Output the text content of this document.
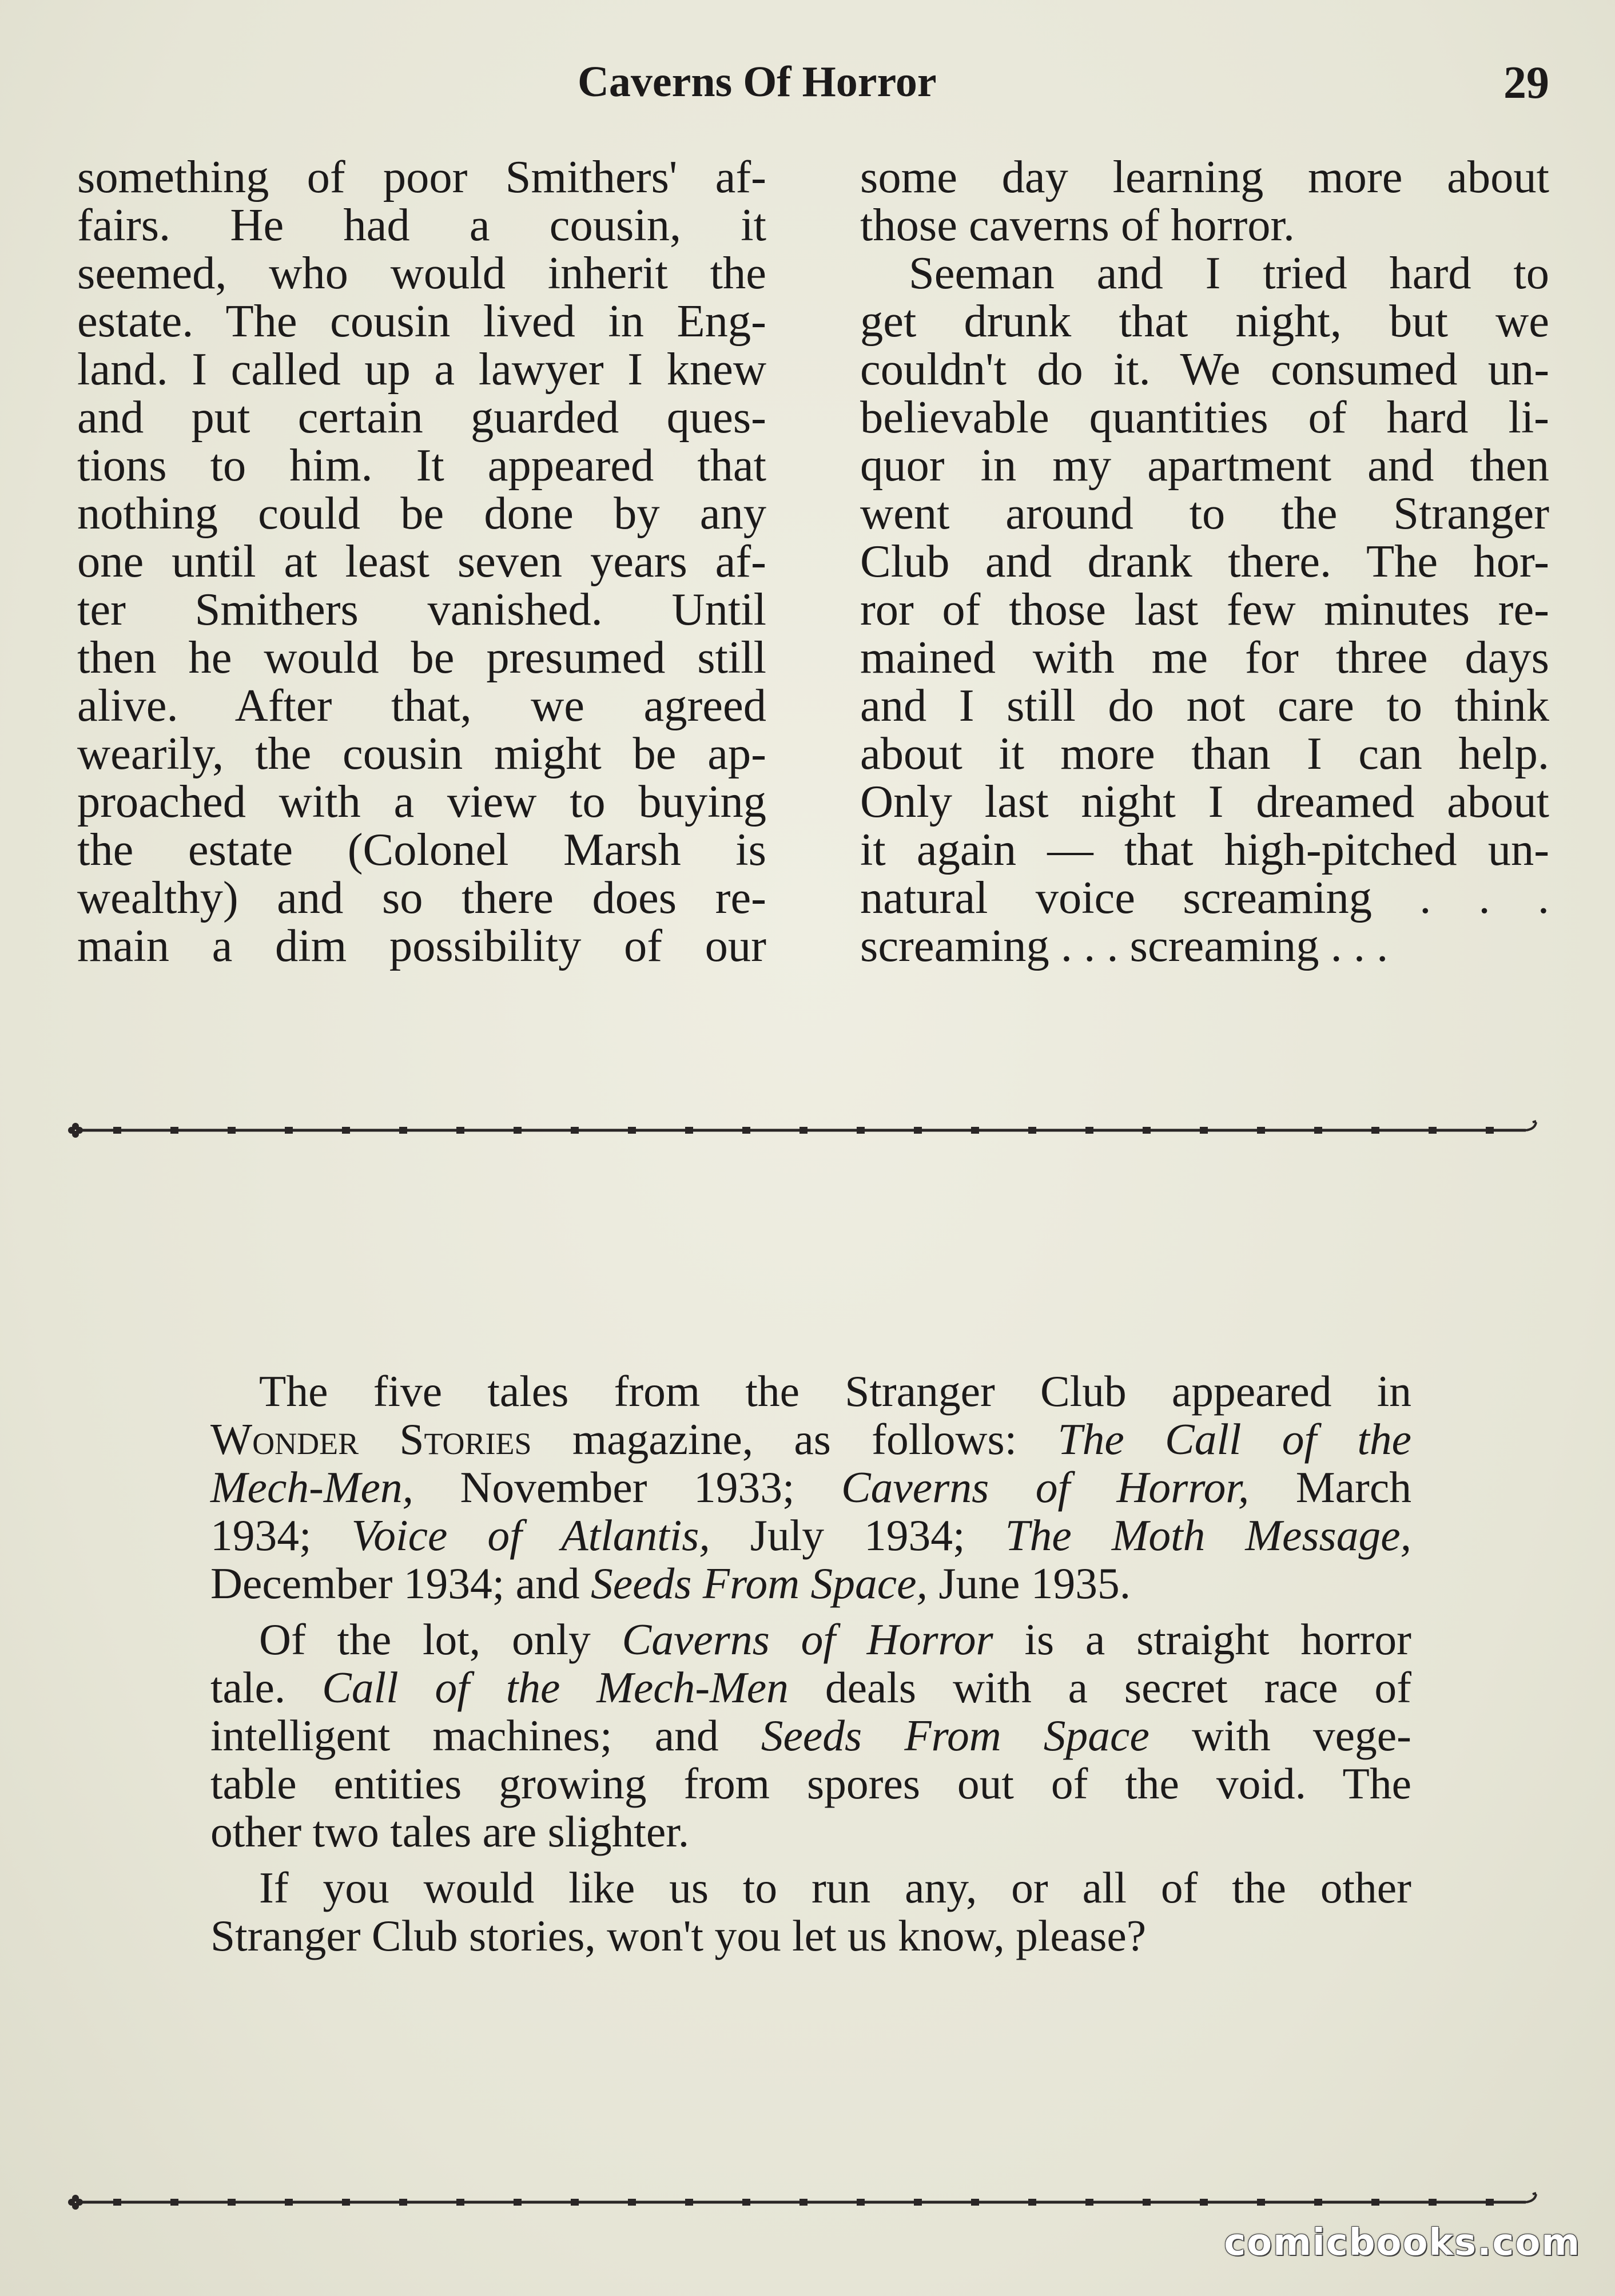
Caverns Of Horror	29
something of poor Smithers' af-
fairs. He had a cousin, it
seemed, who would inherit the
estate. The cousin lived in Eng-
land. I called up a lawyer I knew
and put certain guarded ques-
tions to him. It appeared that
nothing could be done by any
one until at least seven years af-
ter Smithers vanished. Until
then he would be presumed still
alive. After that, we agreed
wearily, the cousin might be ap-
proached with a view to buying
the estate (Colonel Marsh is
wealthy) and so there does re-
main a dim possibility of our
some day learning more about
those caverns of horror.
Seeman and I tried hard to
get drunk that night, but we
couldn't do it. We consumed un-
believable quantities of hard li-
quor in my apartment and then
went around to the Stranger
Club and drank there. The hor-
ror of those last few minutes re-
mained with me for three days
and I still do not care to think
about it more than I can help.
Only last night I dreamed about
it again — that high-pitched un-
natural voice screaming . . .
screaming . . . screaming . . .
The five tales from the Stranger Club appeared in
Wonder Stories magazine, as follows: The Call of the
Mech-Men, November 1933; Caverns of Horror, March
1934; Voice of Atlantis, July 1934; The Moth Message,
December 1934; and Seeds From Space, June 1935.
Of the lot, only Caverns of Horror is a straight horror
tale. Call of the Mech-Men deals with a secret race of
intelligent machines; and Seeds From Space with vege-
table entities growing from spores out of the void. The
other two tales are slighter.
If you would like us to run any, or all of the other
Stranger Club stories, won't you let us know, please?
comicbooks.com
